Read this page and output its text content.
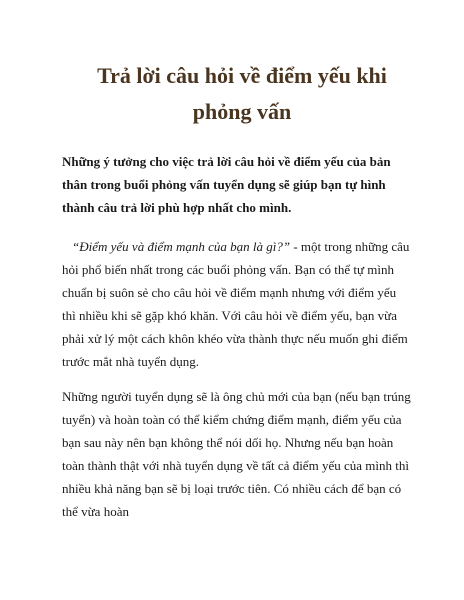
Trả lời câu hỏi về điểm yếu khi phỏng vấn

Những ý tưởng cho việc trả lời câu hỏi về điểm yếu của bản thân trong buổi phỏng vấn tuyển dụng sẽ giúp bạn tự hình thành câu trả lời phù hợp nhất cho mình.

“Điểm yếu và điểm mạnh của bạn là gì?” - một trong những câu hỏi phổ biến nhất trong các buổi phỏng vấn. Bạn có thể tự mình chuẩn bị suôn sẻ cho câu hỏi về điểm mạnh nhưng với điểm yếu thì nhiều khi sẽ gặp khó khăn. Với câu hỏi về điểm yếu, bạn vừa phải xử lý một cách khôn khéo vừa thành thực nếu muốn ghi điểm trước mắt nhà tuyển dụng.

Những người tuyển dụng sẽ là ông chủ mới của bạn (nếu bạn trúng tuyển) và hoàn toàn có thể kiểm chứng điểm mạnh, điểm yếu của bạn sau này nên bạn không thể nói dối họ. Nhưng nếu bạn hoàn toàn thành thật với nhà tuyển dụng về tất cả điểm yếu của mình thì nhiều khả năng bạn sẽ bị loại trước tiên. Có nhiều cách để bạn có thể vừa hoàn
